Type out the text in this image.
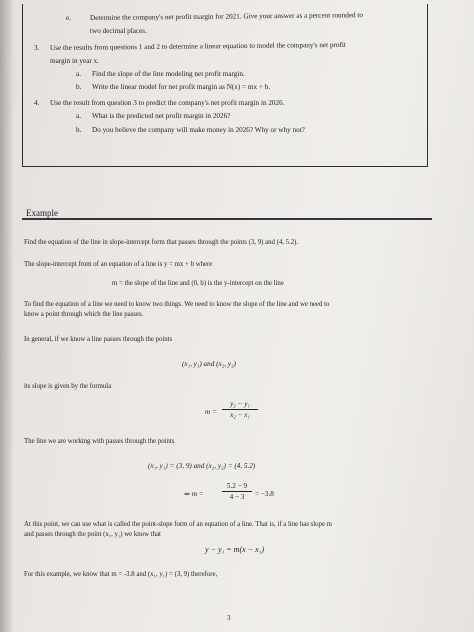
e.	Determine the company's net profit margin for 2021. Give your answer as a percent rounded to
two decimal places.
3. Use the results from questions 1 and 2 to determine a linear equation to model the company's net profit
margin in year x.
a. Find the slope of the line modeling net profit margin.
b. Write the linear model for net profit margin as N(x) = mx + b.
4. Use the result from question 3 to predict the company's net profit margin in 2026.
a. What is the predicted net profit margin in 2026?
b. Do you believe the company will make money in 2026? Why or why not?
Example
Find the equation of the line in slope-intercept form that passes through the points (3, 9) and (4, 5.2).
The slope-intercept from of an equation of a line is y = mx + b where
m = the slope of the line and (0, b) is the y-intercept on the line
To find the equation of a line we need to know two things. We need to know the slope of the line and we need to
know a point through which the line passes.
In general, if we know a line passes through the points
(x₁, y₁) and (x₂, y₂)
its slope is given by the formula
m =
y₂ − y₁
x₂ − x₁
The line we are working with passes through the points
(x₁, y₁) = (3, 9) and (x₂, y₂) = (4, 5.2)
⇒ m =
5.2 − 9
4 − 3	= −3.8
At this point, we can use what is called the point-slope form of an equation of a line. That is, if a line has slope m
and passes through the point (x₁, y₁) we know that
y − y₁ = m(x − x₁)
For this example, we know that m = -3.8 and (x₁, y₁) = (3, 9) therefore,
3
